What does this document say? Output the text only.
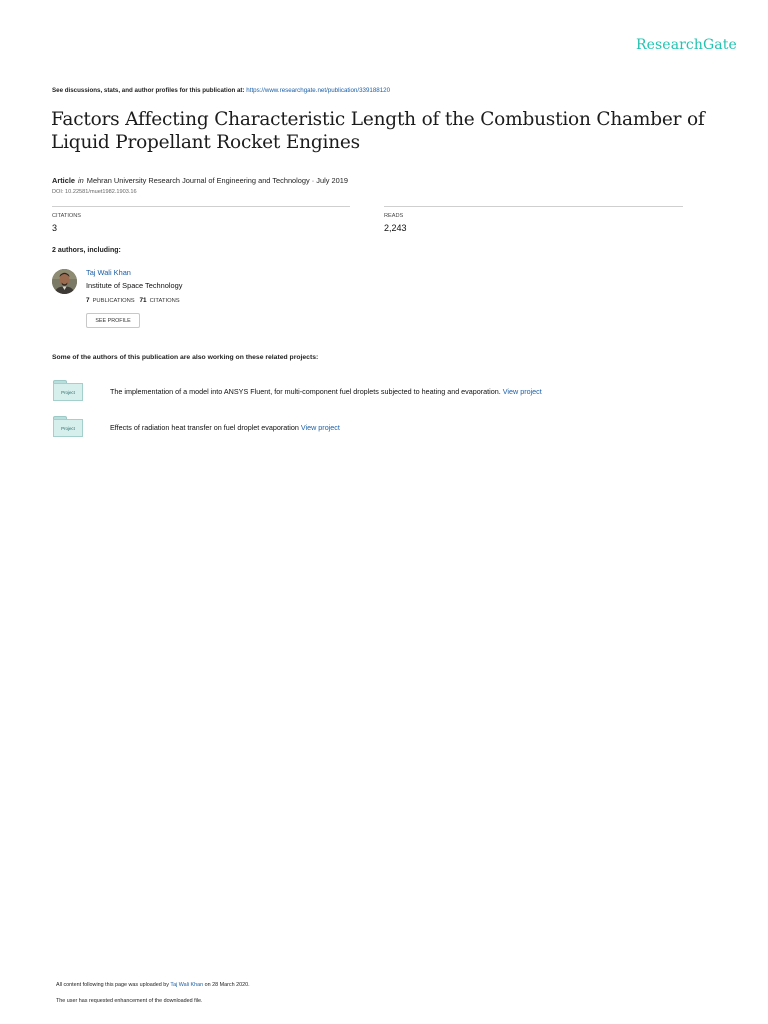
ResearchGate
See discussions, stats, and author profiles for this publication at: https://www.researchgate.net/publication/339188120
Factors Affecting Characteristic Length of the Combustion Chamber of Liquid Propellant Rocket Engines
Article in Mehran University Research Journal of Engineering and Technology · July 2019
DOI: 10.22581/muet1982.1903.16
CITATIONS
3
READS
2,243
2 authors, including:
Taj Wali Khan
Institute of Space Technology
7 PUBLICATIONS 71 CITATIONS
SEE PROFILE
Some of the authors of this publication are also working on these related projects:
Project	The implementation of a model into ANSYS Fluent, for multi-component fuel droplets subjected to heating and evaporation. View project
Project	Effects of radiation heat transfer on fuel droplet evaporation View project
All content following this page was uploaded by Taj Wali Khan on 28 March 2020.
The user has requested enhancement of the downloaded file.
